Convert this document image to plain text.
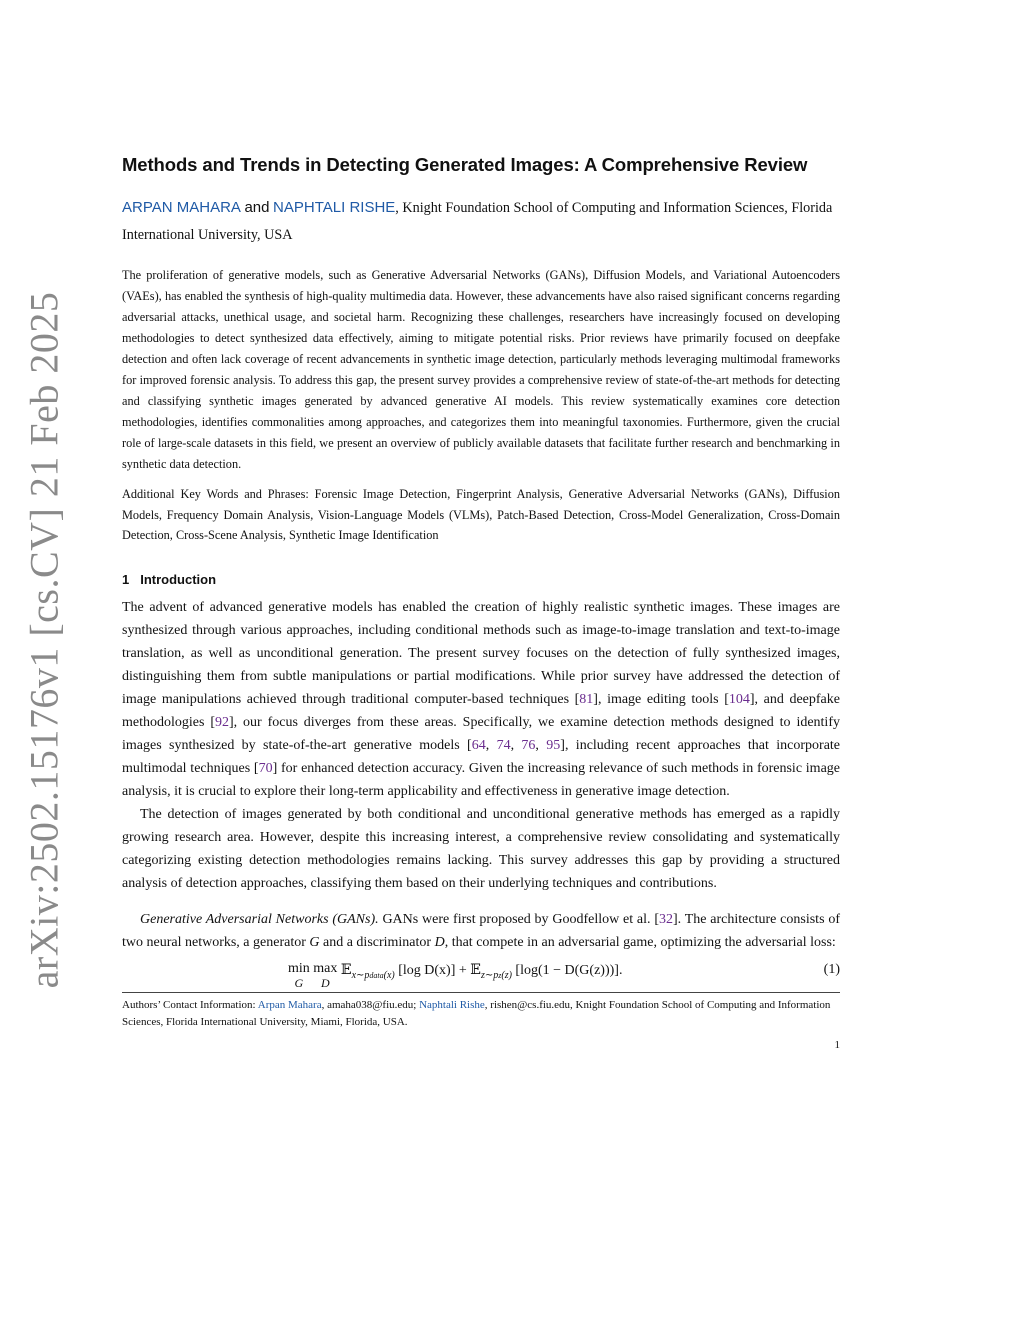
arXiv:2502.15176v1 [cs.CV] 21 Feb 2025
Methods and Trends in Detecting Generated Images: A Comprehensive Review
ARPAN MAHARA and NAPHTALI RISHE, Knight Foundation School of Computing and Information Sciences, Florida International University, USA
The proliferation of generative models, such as Generative Adversarial Networks (GANs), Diffusion Models, and Variational Autoencoders (VAEs), has enabled the synthesis of high-quality multimedia data. However, these advancements have also raised significant concerns regarding adversarial attacks, unethical usage, and societal harm. Recognizing these challenges, researchers have increasingly focused on developing methodologies to detect synthesized data effectively, aiming to mitigate potential risks. Prior reviews have primarily focused on deepfake detection and often lack coverage of recent advancements in synthetic image detection, particularly methods leveraging multimodal frameworks for improved forensic analysis. To address this gap, the present survey provides a comprehensive review of state-of-the-art methods for detecting and classifying synthetic images generated by advanced generative AI models. This review systematically examines core detection methodologies, identifies commonalities among approaches, and categorizes them into meaningful taxonomies. Furthermore, given the crucial role of large-scale datasets in this field, we present an overview of publicly available datasets that facilitate further research and benchmarking in synthetic data detection.
Additional Key Words and Phrases: Forensic Image Detection, Fingerprint Analysis, Generative Adversarial Networks (GANs), Diffusion Models, Frequency Domain Analysis, Vision-Language Models (VLMs), Patch-Based Detection, Cross-Model Generalization, Cross-Domain Detection, Cross-Scene Analysis, Synthetic Image Identification
1 Introduction

The advent of advanced generative models has enabled the creation of highly realistic synthetic images. These images are synthesized through various approaches, including conditional methods such as image-to-image translation and text-to-image translation, as well as unconditional generation. The present survey focuses on the detection of fully synthesized images, distinguishing them from subtle manipulations or partial modifications. While prior survey have addressed the detection of image manipulations achieved through traditional computer-based techniques [81], image editing tools [104], and deepfake methodologies [92], our focus diverges from these areas. Specifically, we examine detection methods designed to identify images synthesized by state-of-the-art generative models [64, 74, 76, 95], including recent approaches that incorporate multimodal techniques [70] for enhanced detection accuracy. Given the increasing relevance of such methods in forensic image analysis, it is crucial to explore their long-term applicability and effectiveness in generative image detection.

The detection of images generated by both conditional and unconditional generative methods has emerged as a rapidly growing research area. However, despite this increasing interest, a comprehensive review consolidating and systematically categorizing existing detection methodologies remains lacking. This survey addresses this gap by providing a structured analysis of detection approaches, classifying them based on their underlying techniques and contributions.

Generative Adversarial Networks (GANs). GANs were first proposed by Goodfellow et al. [32]. The architecture consists of two neural networks, a generator G and a discriminator D, that compete in an adversarial game, optimizing the adversarial loss:

min
G
max
D
𝔼$_{x\sim pdata(x)}$ [log D(x)] + 𝔼$_{z\sim pz(z)}$ [log(1 − D(G(z)))].	(1)
Authors’ Contact Information: Arpan Mahara, amaha038@fiu.edu; Naphtali Rishe, rishen@cs.fiu.edu, Knight Foundation School of Computing and Information Sciences, Florida International University, Miami, Florida, USA.
1
